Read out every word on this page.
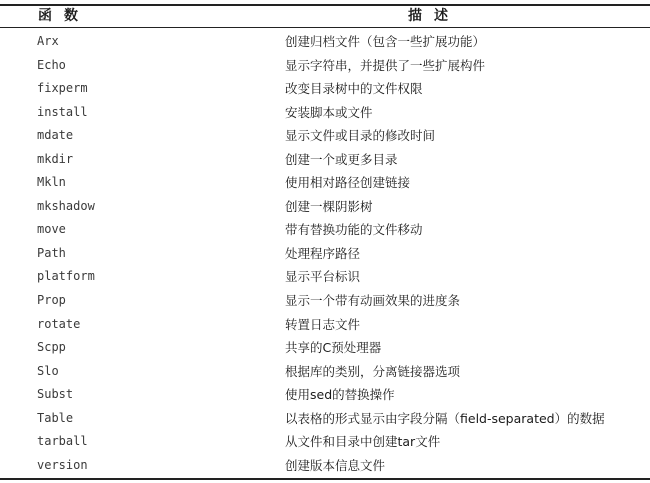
函数	描述
Arx	创建归档文件（包含一些扩展功能）
Echo	显示字符串，并提供了一些扩展构件
fixperm	改变目录树中的文件权限
install	安装脚本或文件
mdate	显示文件或目录的修改时间
mkdir	创建一个或更多目录
Mkln	使用相对路径创建链接
mkshadow	创建一棵阴影树
move	带有替换功能的文件移动
Path	处理程序路径
platform	显示平台标识
Prop	显示一个带有动画效果的进度条
rotate	转置日志文件
Scpp	共享的C预处理器
Slo	根据库的类别，分离链接器选项
Subst	使用sed的替换操作
Table	以表格的形式显示由字段分隔（field-separated）的数据
tarball	从文件和目录中创建tar文件
version	创建版本信息文件
